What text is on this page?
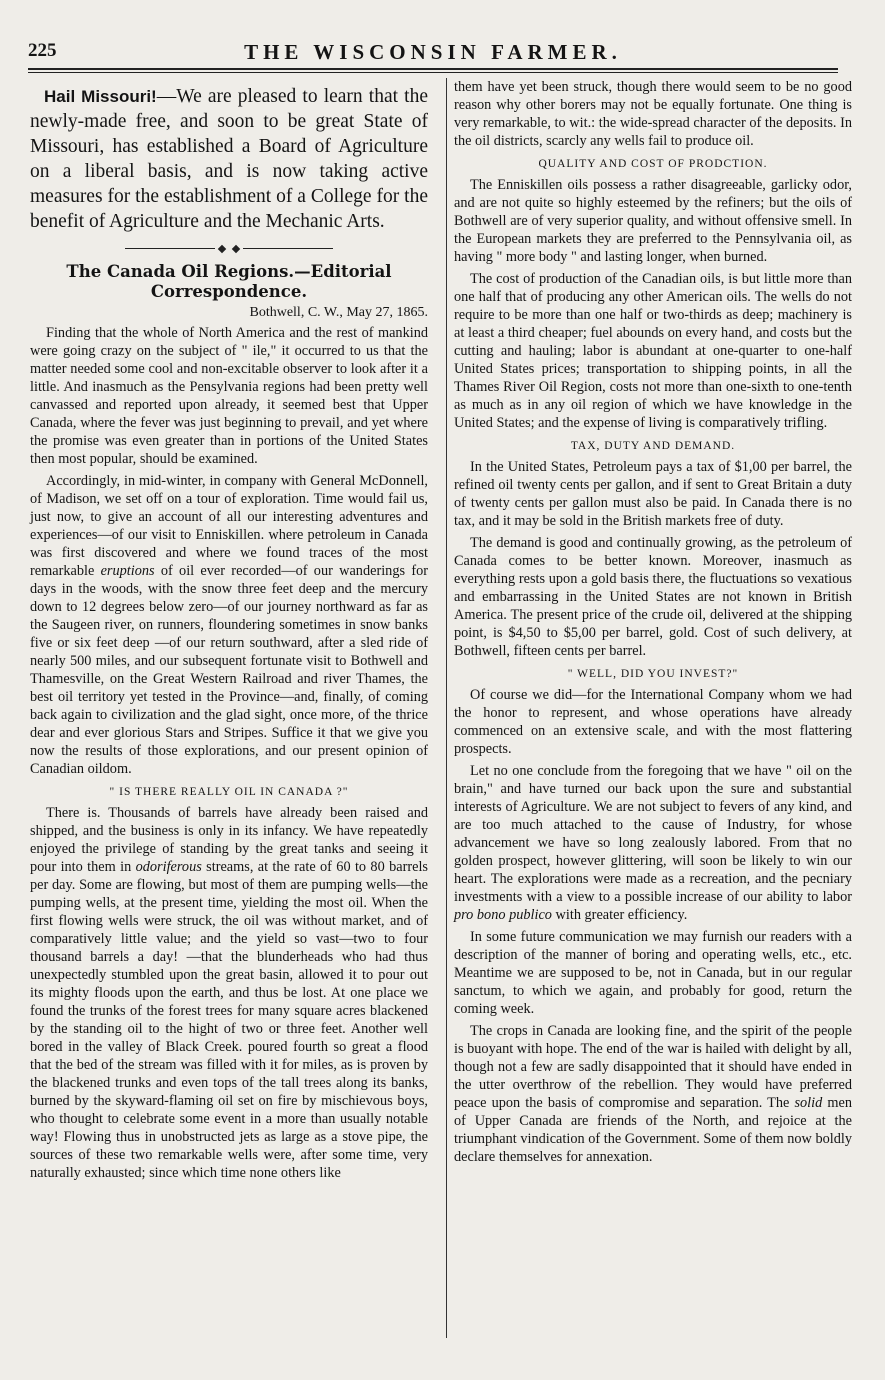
225	THE WISCONSIN FARMER.

Hail Missouri!—We are pleased to learn that the newly-made free, and soon to be great State of Missouri, has established a Board of Agriculture on a liberal basis, and is now taking active measures for the establishment of a College for the benefit of Agriculture and the Mechanic Arts.

The Canada Oil Regions.—Editorial Correspondence.
Bothwell, C. W., May 27, 1865.

Finding that the whole of North America and the rest of mankind were going crazy on the subject of " ile," it occurred to us that the matter needed some cool and non-excitable observer to look after it a little. And inasmuch as the Pensylvania regions had been pretty well canvassed and reported upon already, it seemed best that Upper Canada, where the fever was just beginning to prevail, and yet where the promise was even greater than in portions of the United States then most popular, should be examined.

Accordingly, in mid-winter, in company with General McDonnell, of Madison, we set off on a tour of exploration. Time would fail us, just now, to give an account of all our interesting adventures and experiences—of our visit to Enniskillen. where petroleum in Canada was first discovered and where we found traces of the most remarkable eruptions of oil ever recorded—of our wanderings for days in the woods, with the snow three feet deep and the mercury down to 12 degrees below zero—of our journey northward as far as the Saugeen river, on runners, floundering sometimes in snow banks five or six feet deep —of our return southward, after a sled ride of nearly 500 miles, and our subsequent fortunate visit to Bothwell and Thamesville, on the Great Western Railroad and river Thames, the best oil territory yet tested in the Province—and, finally, of coming back again to civilization and the glad sight, once more, of the thrice dear and ever glorious Stars and Stripes. Suffice it that we give you now the results of those explorations, and our present opinion of Canadian oildom.

" IS THERE REALLY OIL IN CANADA ?"

There is. Thousands of barrels have already been raised and shipped, and the business is only in its infancy. We have repeatedly enjoyed the privilege of standing by the great tanks and seeing it pour into them in odoriferous streams, at the rate of 60 to 80 barrels per day. Some are flowing, but most of them are pumping wells—the pumping wells, at the present time, yielding the most oil. When the first flowing wells were struck, the oil was without market, and of comparatively little value; and the yield so vast—two to four thousand barrels a day! —that the blunderheads who had thus unexpectedly stumbled upon the great basin, allowed it to pour out its mighty floods upon the earth, and thus be lost. At one place we found the trunks of the forest trees for many square acres blackened by the standing oil to the hight of two or three feet. Another well bored in the valley of Black Creek. poured fourth so great a flood that the bed of the stream was filled with it for miles, as is proven by the blackened trunks and even tops of the tall trees along its banks, burned by the skyward-flaming oil set on fire by mischievous boys, who thought to celebrate some event in a more than usually notable way! Flowing thus in unobstructed jets as large as a stove pipe, the sources of these two remarkable wells were, after some time, very naturally exhausted; since which time none others like

them have yet been struck, though there would seem to be no good reason why other borers may not be equally fortunate. One thing is very remarkable, to wit.: the wide-spread character of the deposits. In the oil districts, scarcly any wells fail to produce oil.

QUALITY AND COST OF PRODCTION.

The Enniskillen oils possess a rather disagreeable, garlicky odor, and are not quite so highly esteemed by the refiners; but the oils of Bothwell are of very superior quality, and without offensive smell. In the European markets they are preferred to the Pennsylvania oil, as having " more body " and lasting longer, when burned.

The cost of production of the Canadian oils, is but little more than one half that of producing any other American oils. The wells do not require to be more than one half or two-thirds as deep; machinery is at least a third cheaper; fuel abounds on every hand, and costs but the cutting and hauling; labor is abundant at one-quarter to one-half United States prices; transportation to shipping points, in all the Thames River Oil Region, costs not more than one-sixth to one-tenth as much as in any oil region of which we have knowledge in the United States; and the expense of living is comparatively trifling.

TAX, DUTY AND DEMAND.

In the United States, Petroleum pays a tax of $1,00 per barrel, the refined oil twenty cents per gallon, and if sent to Great Britain a duty of twenty cents per gallon must also be paid. In Canada there is no tax, and it may be sold in the British markets free of duty.

The demand is good and continually growing, as the petroleum of Canada comes to be better known. Moreover, inasmuch as everything rests upon a gold basis there, the fluctuations so vexatious and embarrassing in the United States are not known in British America. The present price of the crude oil, delivered at the shipping point, is $4,50 to $5,00 per barrel, gold. Cost of such delivery, at Bothwell, fifteen cents per barrel.

" WELL, DID YOU INVEST?"

Of course we did—for the International Company whom we had the honor to represent, and whose operations have already commenced on an extensive scale, and with the most flattering prospects.

Let no one conclude from the foregoing that we have " oil on the brain," and have turned our back upon the sure and substantial interests of Agriculture. We are not subject to fevers of any kind, and are too much attached to the cause of Industry, for whose advancement we have so long zealously labored. From that no golden prospect, however glittering, will soon be likely to win our heart. The explorations were made as a recreation, and the pecniary investments with a view to a possible increase of our ability to labor pro bono publico with greater efficiency.

In some future communication we may furnish our readers with a description of the manner of boring and operating wells, etc., etc. Meantime we are supposed to be, not in Canada, but in our regular sanctum, to which we again, and probably for good, return the coming week.

The crops in Canada are looking fine, and the spirit of the people is buoyant with hope. The end of the war is hailed with delight by all, though not a few are sadly disappointed that it should have ended in the utter overthrow of the rebellion. They would have preferred peace upon the basis of compromise and separation. The solid men of Upper Canada are friends of the North, and rejoice at the triumphant vindication of the Government. Some of them now boldly declare themselves for annexation.
